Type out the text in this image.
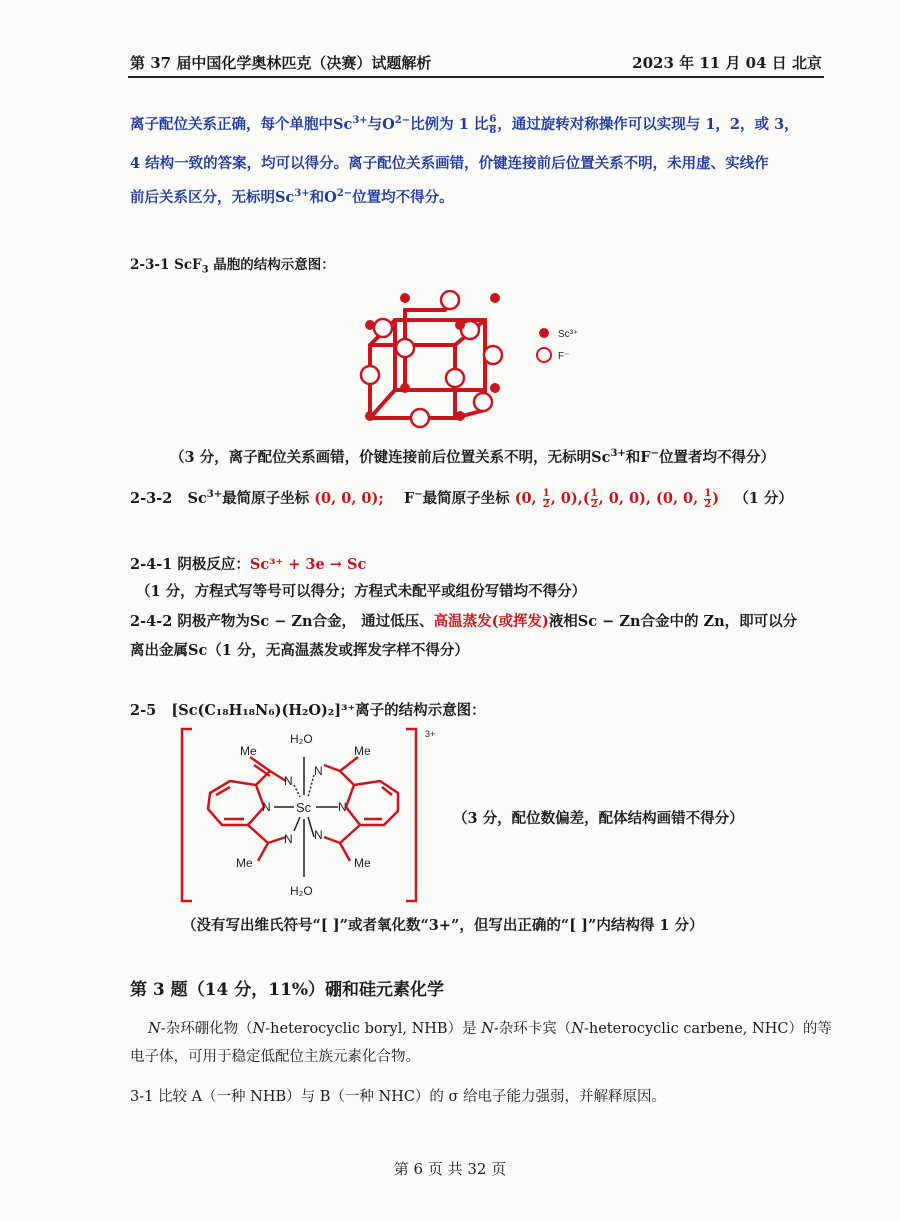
第 37 届中国化学奥林匹克（决赛）试题解析	2023 年 11 月 04 日 北京
离子配位关系正确，每个单胞中$Sc^{3+}$与$O^{2-}$比例为 1 比 $\frac{6}{8}$ ，通过旋转对称操作可以实现与 1，2，或 3，
4 结构一致的答案，均可以得分。离子配位关系画错，价键连接前后位置关系不明，未用虚、实线作
前后关系区分，无标明$Sc^{3+}$和$O^{2-}$位置均不得分。
2-3-1 ScF$_3$ 晶胞的结构示意图：
Sc³⁺
F⁻
（3 分，离子配位关系画错，价键连接前后位置关系不明，无标明$Sc^{3+}$和F−位置者均不得分）
2-3-2 $Sc^{3+}$最简原子坐标 (0, 0, 0); F−最简原子坐标 (0, $\frac{1}{2}$ , $0),( \frac{1}{2}$ , 0, 0), (0, 0, $\frac{1}{2}$ ) （1 分）
2-4-1 阴极反应：Sc³⁺ + 3e → Sc
（1 分，方程式写等号可以得分；方程式未配平或组份写错均不得分）
2-4-2 阴极产物为Sc − Zn合金， 通过低压、高温蒸发(或挥发)液相Sc − Zn合金中的 Zn，即可以分
离出金属Sc（1 分，无高温蒸发或挥发字样不得分）
2-5 [Sc(C₁₈H₁₈N₆)(H₂O)₂]³⁺离子的结构示意图：
3+
H₂O
H₂O
Sc
Me	Me
Me	Me
N	N
N
N
N N
（3 分，配位数偏差，配体结构画错不得分）
（没有写出维氏符号“[ ]”或者氧化数“3+”，但写出正确的“[ ]”内结构得 1 分）
第 3 题（14 分，11%）硼和硅元素化学
N-杂环硼化物（N-heterocyclic boryl, NHB）是 N-杂环卡宾（N-heterocyclic carbene, NHC）的等
电子体，可用于稳定低配位主族元素化合物。
3-1 比较 A（一种 NHB）与 B（一种 NHC）的 σ 给电子能力强弱，并解释原因。
第 6 页 共 32 页
